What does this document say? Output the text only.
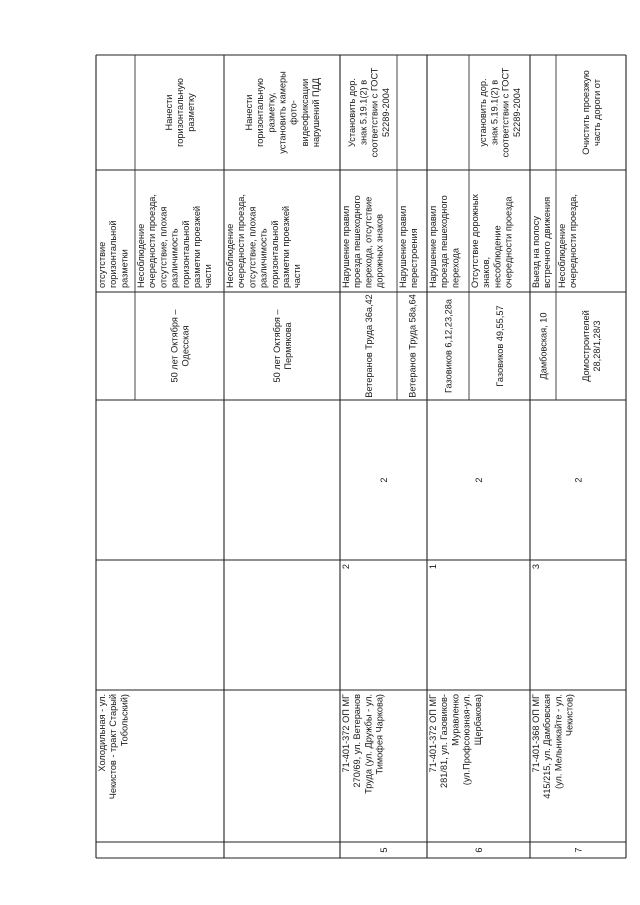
Холодильная - ул. Чекистов - тракт Старый Тобольский)
отсутствие горизонтальной разметки
50 лет Октября – Одесская
Несоблюдение очередности проезда, отсутствие, плохая различимость горизонтальной разметки проезжей части
Нанести горизонтальную разметку
50 лет Октября – Пермякова
Несоблюдение очередности проезда, отсутствие, плохая различимость горизонтальной разметки проезжей части
Нанести горизонтальную разметку, установить камеры фото- видеофиксации нарушений ПДД
5
71-401-372 ОП МГ 270/69, ул. Ветеранов Труда (ул. Дружбы - ул. Тимофея Чаркова)
2
2
Ветеранов Труда 36а,42
Нарушение правил проезда пешеходного перехода, отсутствие дорожных знаков
Установить дор. знак 5.19.1(2) в соответствии с ГОСТ 52289-2004
Ветеранов Труда 58а,64
Нарушение правил перестроения
6
71-401-372 ОП МГ 281/81, ул. Газовиков- Муравленко (ул.Профсоюзная-ул. Щербакова)
1
2
Газовиков 6,12,23,28а
Нарушение правил проезда пешеходного перехода
Газовиков 49,55,57
Отсутствие дорожных знаков, несоблюдение очередности проезда
установить дор. знак 5.19.1(2) в соответствии с ГОСТ 52289-2004
7
71-401-368 ОП МГ 415/215, ул. Дамбовская (ул. Мельникайте - ул. Чекистов)
3
2
Дамбовская, 10
Выезд на полосу встречного движения
Домостроителей 28,28/1,28/3
Несоблюдение очередности проезда,
Очистить проезжую часть дороги от
